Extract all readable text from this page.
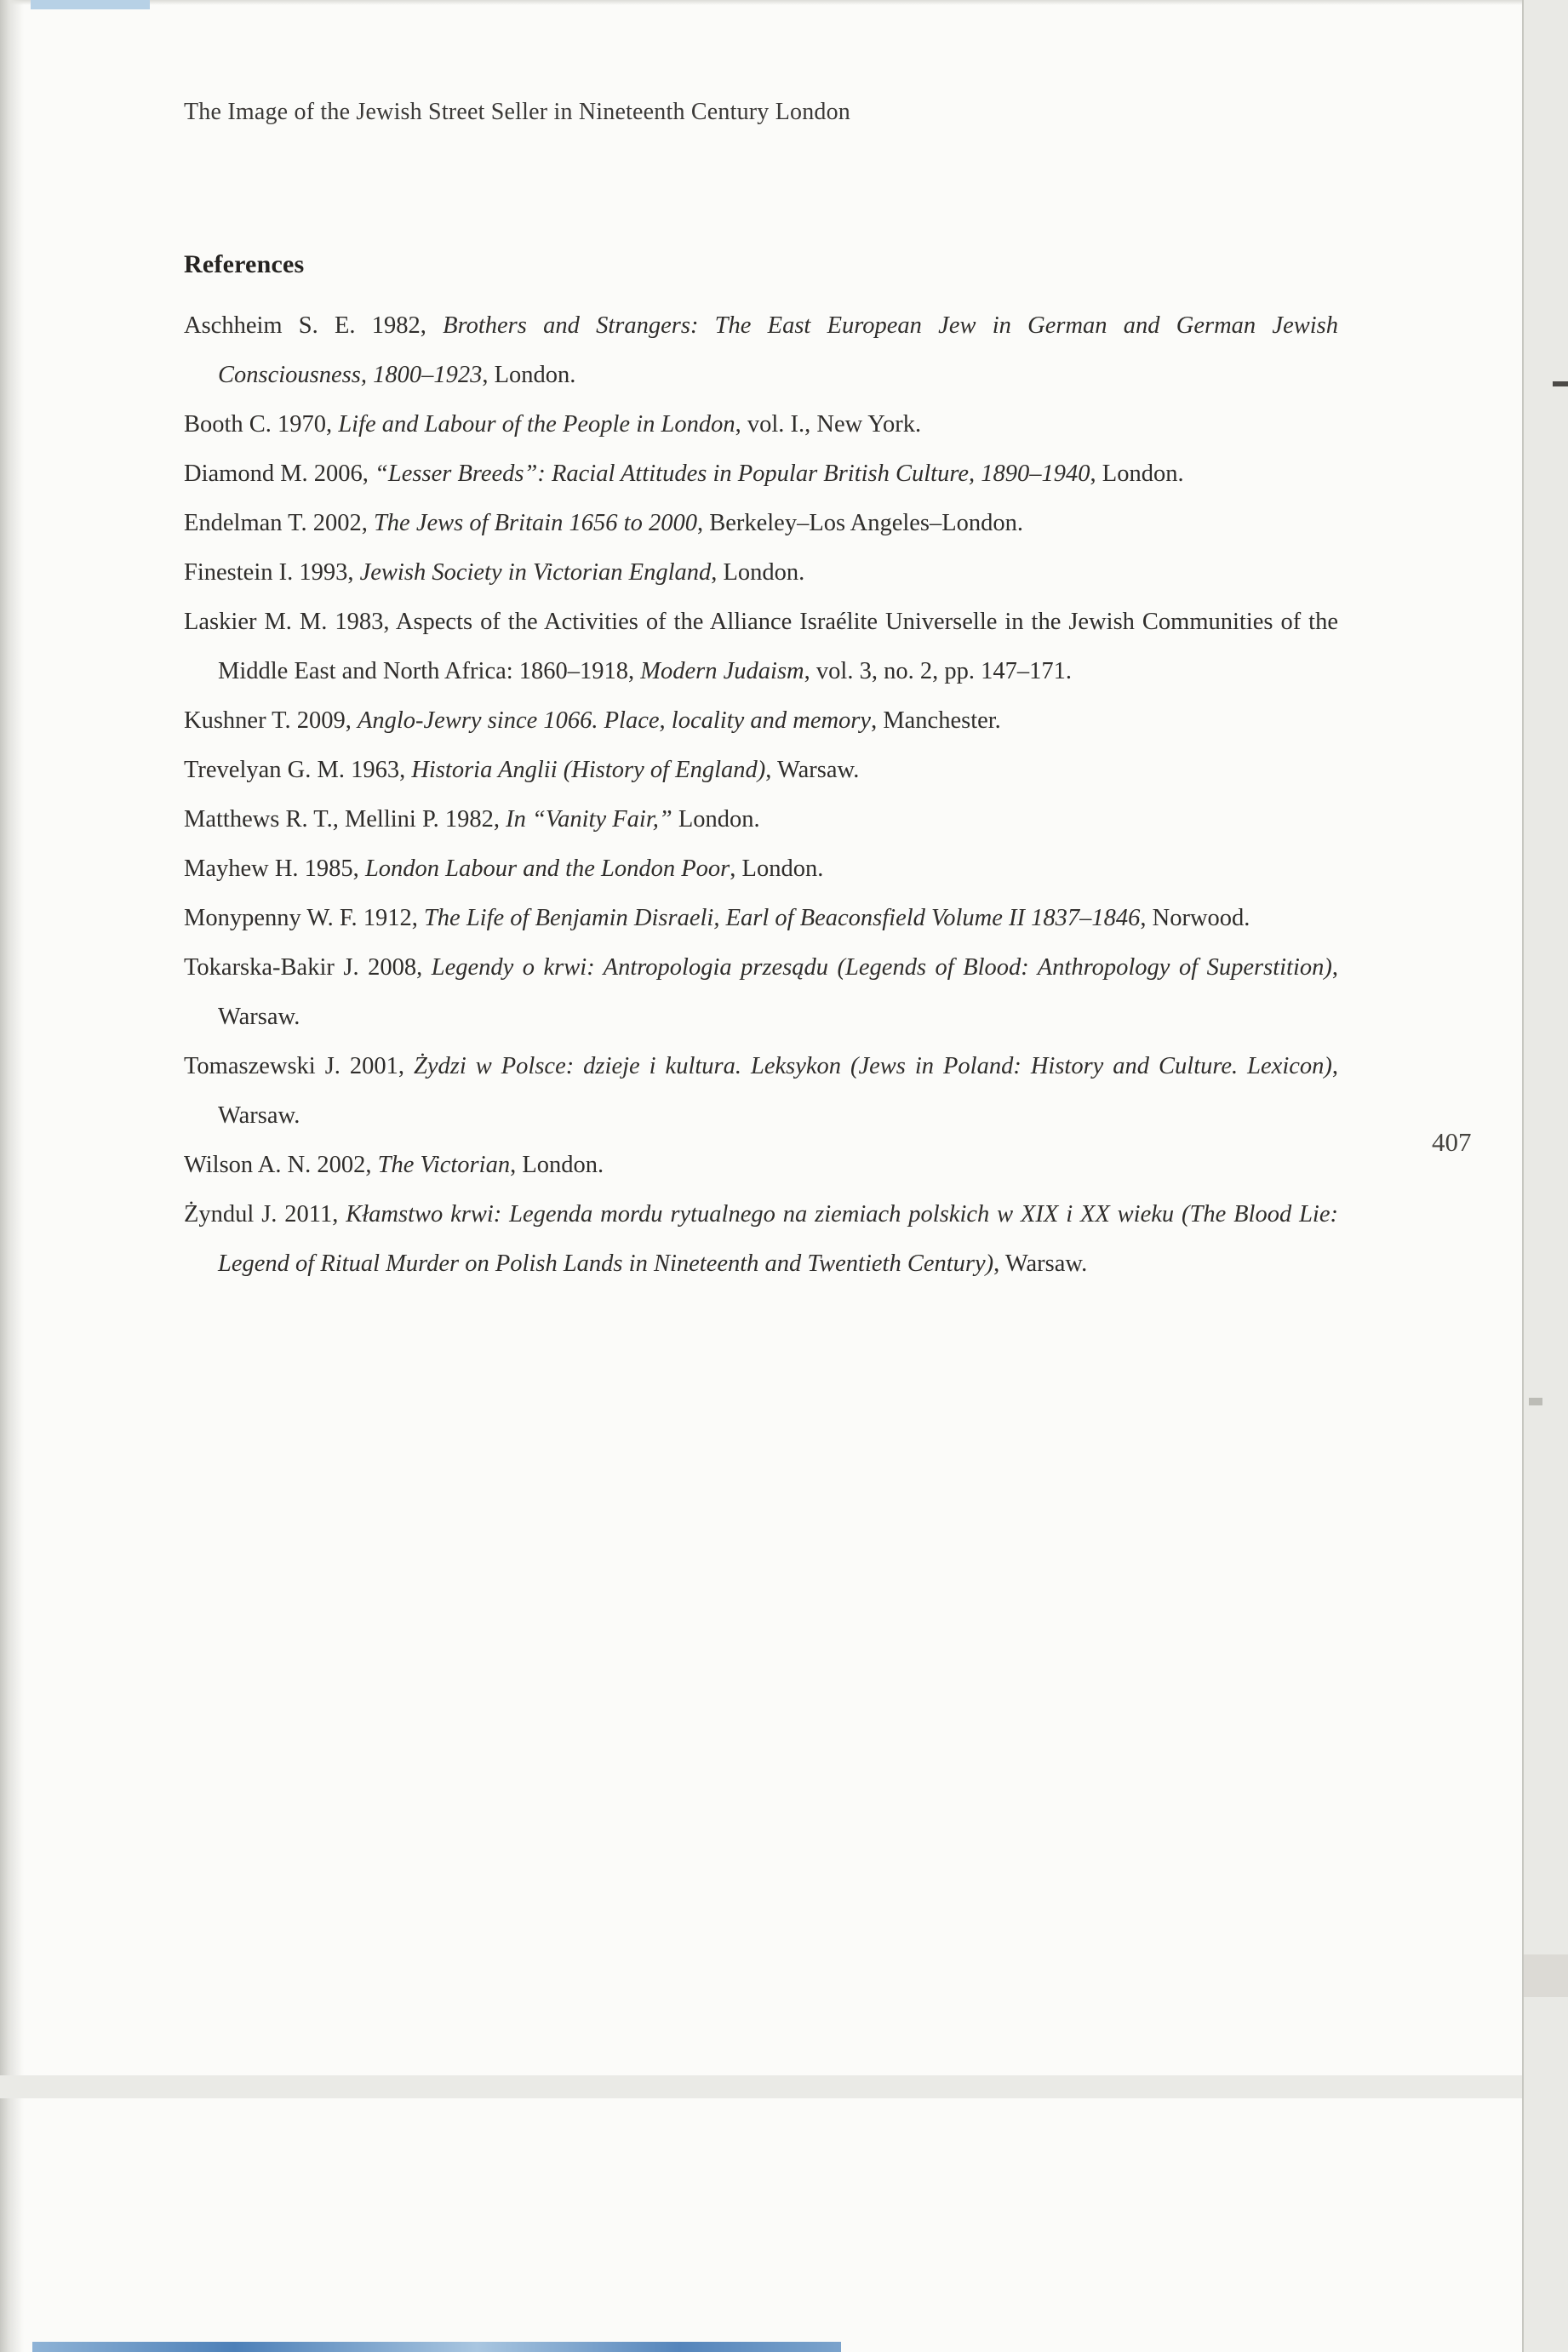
The Image of the Jewish Street Seller in Nineteenth Century London
References

Aschheim S. E. 1982, Brothers and Strangers: The East European Jew in German and German Jewish Consciousness, 1800–1923, London.

Booth C. 1970, Life and Labour of the People in London, vol. I., New York.

Diamond M. 2006, “Lesser Breeds”: Racial Attitudes in Popular British Culture, 1890–1940, London.

Endelman T. 2002, The Jews of Britain 1656 to 2000, Berkeley–Los Angeles–London.

Finestein I. 1993, Jewish Society in Victorian England, London.

Laskier M. M. 1983, Aspects of the Activities of the Alliance Israélite Universelle in the Jewish Communities of the Middle East and North Africa: 1860–1918, Modern Judaism, vol. 3, no. 2, pp. 147–171.

Kushner T. 2009, Anglo-Jewry since 1066. Place, locality and memory, Manchester.

Trevelyan G. M. 1963, Historia Anglii (History of England), Warsaw.

Matthews R. T., Mellini P. 1982, In “Vanity Fair,” London.

Mayhew H. 1985, London Labour and the London Poor, London.

Monypenny W. F. 1912, The Life of Benjamin Disraeli, Earl of Beaconsfield Volume II 1837–1846, Norwood.

Tokarska-Bakir J. 2008, Legendy o krwi: Antropologia przesądu (Legends of Blood: Anthropology of Superstition), Warsaw.

Tomaszewski J. 2001, Żydzi w Polsce: dzieje i kultura. Leksykon (Jews in Poland: History and Culture. Lexicon), Warsaw.

Wilson A. N. 2002, The Victorian, London.

Żyndul J. 2011, Kłamstwo krwi: Legenda mordu rytualnego na ziemiach polskich w XIX i XX wieku (The Blood Lie: Legend of Ritual Murder on Polish Lands in Nineteenth and Twentieth Century), Warsaw.

407
